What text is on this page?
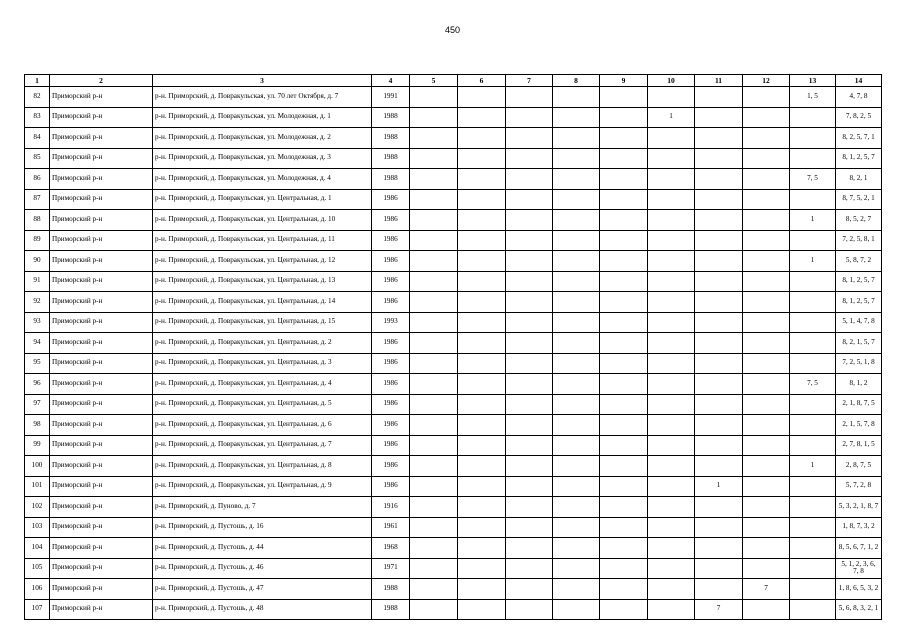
450
1	2	3	4	5	6	7	8	9	10	11	12	13	14
82	Приморский р-н	р-н. Приморский, д. Повракульская, ул. 70 лет Октября, д. 7	1991									1, 5	4, 7, 8
83	Приморский р-н	р-н. Приморский, д. Повракульская, ул. Молодежная, д. 1	1988						1				7, 8, 2, 5
84	Приморский р-н	р-н. Приморский, д. Повракульская, ул. Молодежная, д. 2	1988										8, 2, 5, 7, 1
85	Приморский р-н	р-н. Приморский, д. Повракульская, ул. Молодежная, д. 3	1988										8, 1, 2, 5, 7
86	Приморский р-н	р-н. Приморский, д. Повракульская, ул. Молодежная, д. 4	1988									7, 5	8, 2, 1
87	Приморский р-н	р-н. Приморский, д. Повракульская, ул. Центральная, д. 1	1986										8, 7, 5, 2, 1
88	Приморский р-н	р-н. Приморский, д. Повракульская, ул. Центральная, д. 10	1986									1	8, 5, 2, 7
89	Приморский р-н	р-н. Приморский, д. Повракульская, ул. Центральная, д. 11	1986										7, 2, 5, 8, 1
90	Приморский р-н	р-н. Приморский, д. Повракульская, ул. Центральная, д. 12	1986									1	5, 8, 7, 2
91	Приморский р-н	р-н. Приморский, д. Повракульская, ул. Центральная, д. 13	1986										8, 1, 2, 5, 7
92	Приморский р-н	р-н. Приморский, д. Повракульская, ул. Центральная, д. 14	1986										8, 1, 2, 5, 7
93	Приморский р-н	р-н. Приморский, д. Повракульская, ул. Центральная, д. 15	1993										5, 1, 4, 7, 8
94	Приморский р-н	р-н. Приморский, д. Повракульская, ул. Центральная, д. 2	1986										8, 2, 1, 5, 7
95	Приморский р-н	р-н. Приморский, д. Повракульская, ул. Центральная, д. 3	1986										7, 2, 5, 1, 8
96	Приморский р-н	р-н. Приморский, д. Повракульская, ул. Центральная, д. 4	1986									7, 5	8, 1, 2
97	Приморский р-н	р-н. Приморский, д. Повракульская, ул. Центральная, д. 5	1986										2, 1, 8, 7, 5
98	Приморский р-н	р-н. Приморский, д. Повракульская, ул. Центральная, д. 6	1986										2, 1, 5, 7, 8
99	Приморский р-н	р-н. Приморский, д. Повракульская, ул. Центральная, д. 7	1986										2, 7, 8, 1, 5
100	Приморский р-н	р-н. Приморский, д. Повракульская, ул. Центральная, д. 8	1986									1	2, 8, 7, 5
101	Приморский р-н	р-н. Приморский, д. Повракульская, ул. Центральная, д. 9	1986							1			5, 7, 2, 8
102	Приморский р-н	р-н. Приморский, д. Пуново, д. 7	1916										5, 3, 2, 1, 8, 7
103	Приморский р-н	р-н. Приморский, д. Пустошь, д. 16	1961										1, 8, 7, 3, 2
104	Приморский р-н	р-н. Приморский, д. Пустошь, д. 44	1968										8, 5, 6, 7, 1, 2
105	Приморский р-н	р-н. Приморский, д. Пустошь, д. 46	1971										5, 1, 2, 3, 6, 7, 8
106	Приморский р-н	р-н. Приморский, д. Пустошь, д. 47	1988								7		1, 8, 6, 5, 3, 2
107	Приморский р-н	р-н. Приморский, д. Пустошь, д. 48	1988							7			5, 6, 8, 3, 2, 1
